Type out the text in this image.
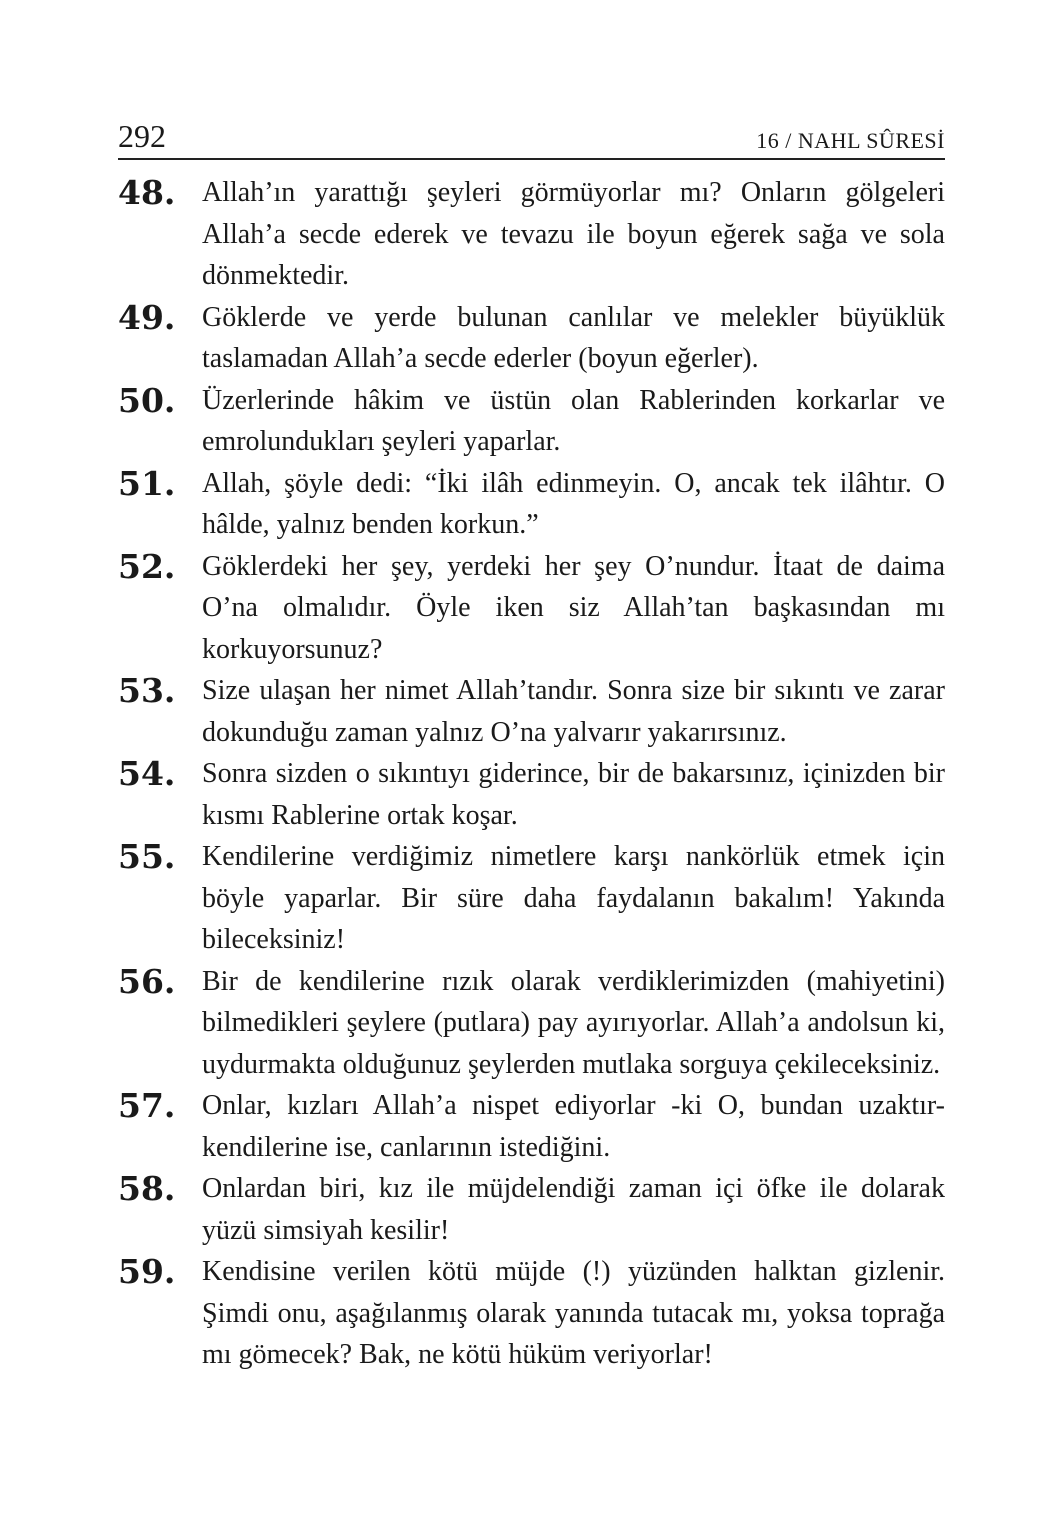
292	16 / NAHL SÛRESİ
48. Allah’ın yarattığı şeyleri görmüyorlar mı? Onların gölgeleri Allah’a secde ederek ve tevazu ile boyun eğerek sağa ve sola dönmektedir.
49. Göklerde ve yerde bulunan canlılar ve melekler büyüklük taslamadan Allah’a secde ederler (boyun eğerler).
50. Üzerlerinde hâkim ve üstün olan Rablerinden korkarlar ve emrolundukları şeyleri yaparlar.
51. Allah, şöyle dedi: “İki ilâh edinmeyin. O, ancak tek ilâhtır. O hâlde, yalnız benden korkun.”
52. Göklerdeki her şey, yerdeki her şey O’nundur. İtaat de daima O’na olmalıdır. Öyle iken siz Allah’tan başkasından mı korkuyorsunuz?
53. Size ulaşan her nimet Allah’tandır. Sonra size bir sıkıntı ve zarar dokunduğu zaman yalnız O’na yalvarır yakarırsınız.
54. Sonra sizden o sıkıntıyı giderince, bir de bakarsınız, içinizden bir kısmı Rablerine ortak koşar.
55. Kendilerine verdiğimiz nimetlere karşı nankörlük etmek için böyle yaparlar. Bir süre daha faydalanın bakalım! Yakında bileceksiniz!
56. Bir de kendilerine rızık olarak verdiklerimizden (mahiyetini) bilmedikleri şeylere (putlara) pay ayırıyorlar. Allah’a andolsun ki, uydurmakta olduğunuz şeylerden mutlaka sorguya çekileceksiniz.
57. Onlar, kızları Allah’a nispet ediyorlar -ki O, bundan uzaktır- kendilerine ise, canlarının istediğini.
58. Onlardan biri, kız ile müjdelendiği zaman içi öfke ile dolarak yüzü simsiyah kesilir!
59. Kendisine verilen kötü müjde (!) yüzünden halktan gizlenir. Şimdi onu, aşağılanmış olarak yanında tutacak mı, yoksa toprağa mı gömecek? Bak, ne kötü hüküm veriyorlar!
